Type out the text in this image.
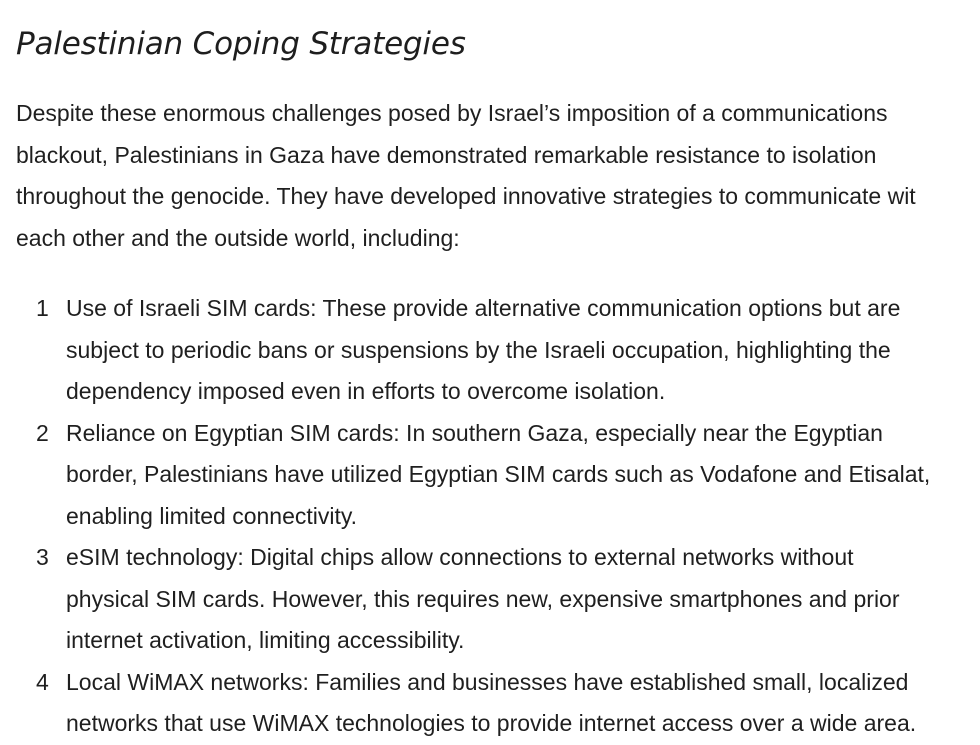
Palestinian Coping Strategies

Despite these enormous challenges posed by Israel’s imposition of a communications
blackout, Palestinians in Gaza have demonstrated remarkable resistance to isolation
throughout the genocide. They have developed innovative strategies to communicate wit
each other and the outside world, including:

1 Use of Israeli SIM cards: These provide alternative communication options but are
subject to periodic bans or suspensions by the Israeli occupation, highlighting the
dependency imposed even in efforts to overcome isolation.
2 Reliance on Egyptian SIM cards: In southern Gaza, especially near the Egyptian
border, Palestinians have utilized Egyptian SIM cards such as Vodafone and Etisalat,
enabling limited connectivity.
3 eSIM technology: Digital chips allow connections to external networks without
physical SIM cards. However, this requires new, expensive smartphones and prior
internet activation, limiting accessibility.
4 Local WiMAX networks: Families and businesses have established small, localized
networks that use WiMAX technologies to provide internet access over a wide area.
